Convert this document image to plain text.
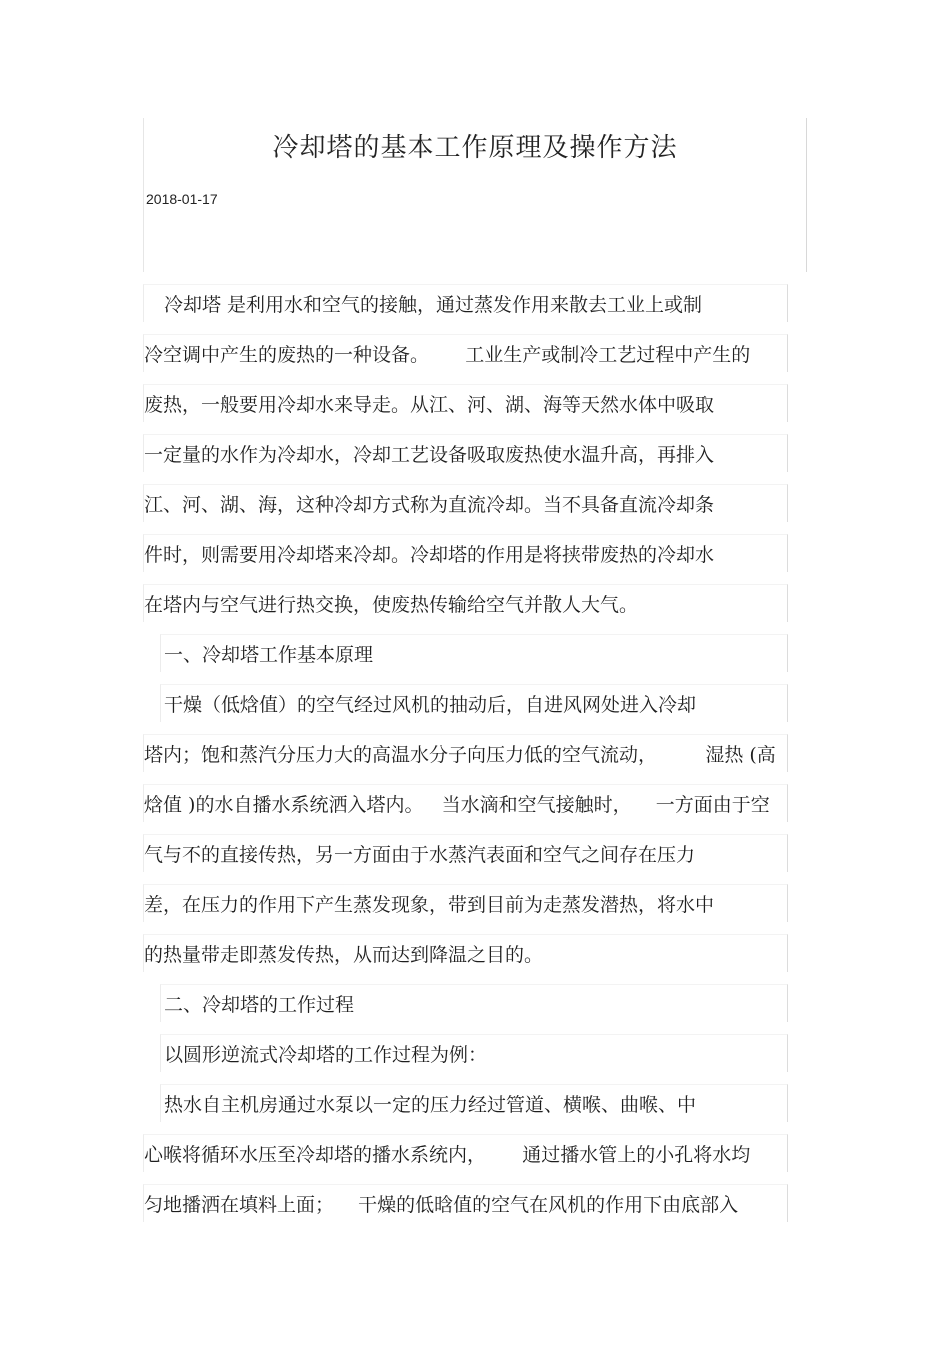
冷却塔的基本工作原理及操作方法
2018-01-17
冷却塔 是利用水和空气的接触，通过蒸发作用来散去工业上或制
冷空调中产生的废热的一种设备。      工业生产或制冷工艺过程中产生的
废热，一般要用冷却水来导走。从江、河、湖、海等天然水体中吸取
一定量的水作为冷却水，冷却工艺设备吸取废热使水温升高，再排入
江、河、湖、海，这种冷却方式称为直流冷却。当不具备直流冷却条
件时，则需要用冷却塔来冷却。冷却塔的作用是将挟带废热的冷却水
在塔内与空气进行热交换，使废热传输给空气并散人大气。
一、冷却塔工作基本原理
干燥（低焓值）的空气经过风机的抽动后，自进风网处进入冷却
塔内；饱和蒸汽分压力大的高温水分子向压力低的空气流动，        湿热 (高
焓值 )的水自播水系统洒入塔内。   当水滴和空气接触时，    一方面由于空
气与不的直接传热，另一方面由于水蒸汽表面和空气之间存在压力
差，在压力的作用下产生蒸发现象，带到目前为走蒸发潜热，将水中
的热量带走即蒸发传热，从而达到降温之目的。
二、冷却塔的工作过程
以圆形逆流式冷却塔的工作过程为例：
热水自主机房通过水泵以一定的压力经过管道、横喉、曲喉、中
心喉将循环水压至冷却塔的播水系统内，      通过播水管上的小孔将水均
匀地播洒在填料上面；    干燥的低晗值的空气在风机的作用下由底部入
